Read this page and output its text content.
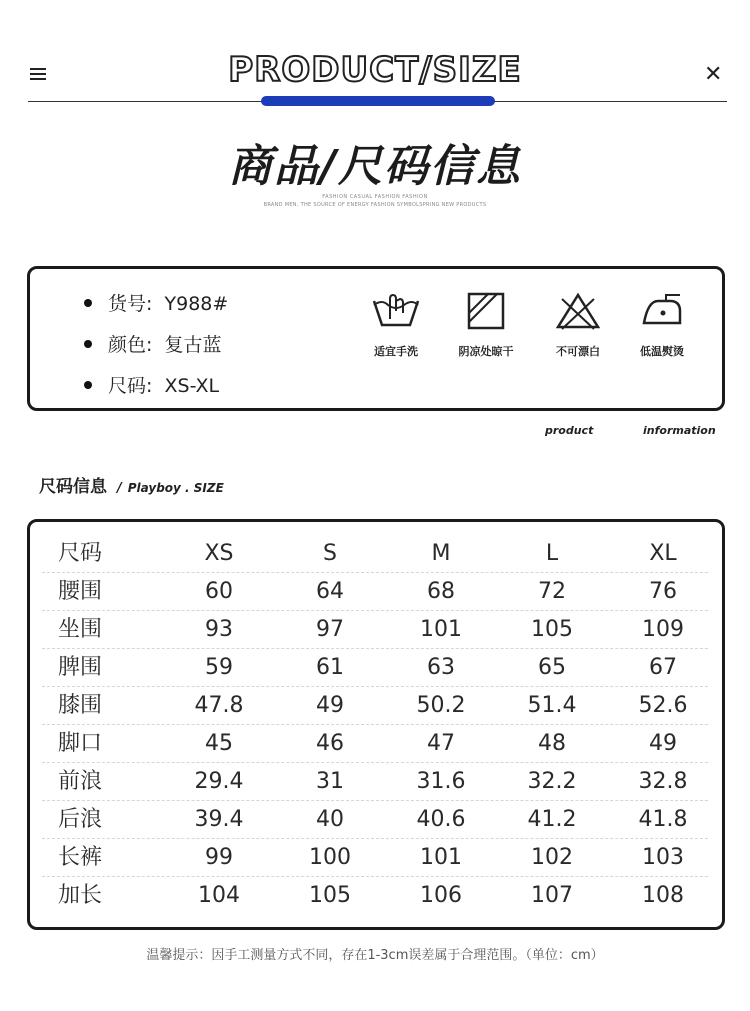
PRODUCT/SIZE	✕
商品/尺码信息
FASHION CASUAL FASHION FASHION
BRAND MEN, THE SOURCE OF ENERGY FASHION SYMBOLSPRING NEW PRODUCTS
货号: Y988#
颜色: 复古蓝
尺码: XS-XL
适宜手洗	阴凉处晾干	不可漂白	低温熨烫
product	information
尺码信息 / Playboy . SIZE
尺码	XS	S	M	L	XL
腰围	60	64	68	72	76
坐围	93	97	101	105	109
脾围	59	61	63	65	67
膝围	47.8	49	50.2	51.4	52.6
脚口	45	46	47	48	49
前浪	29.4	31	31.6	32.2	32.8
后浪	39.4	40	40.6	41.2	41.8
长裤	99	100	101	102	103
加长	104	105	106	107	108
温馨提示：因手工测量方式不同，存在1-3cm误差属于合理范围。（单位：cm）
